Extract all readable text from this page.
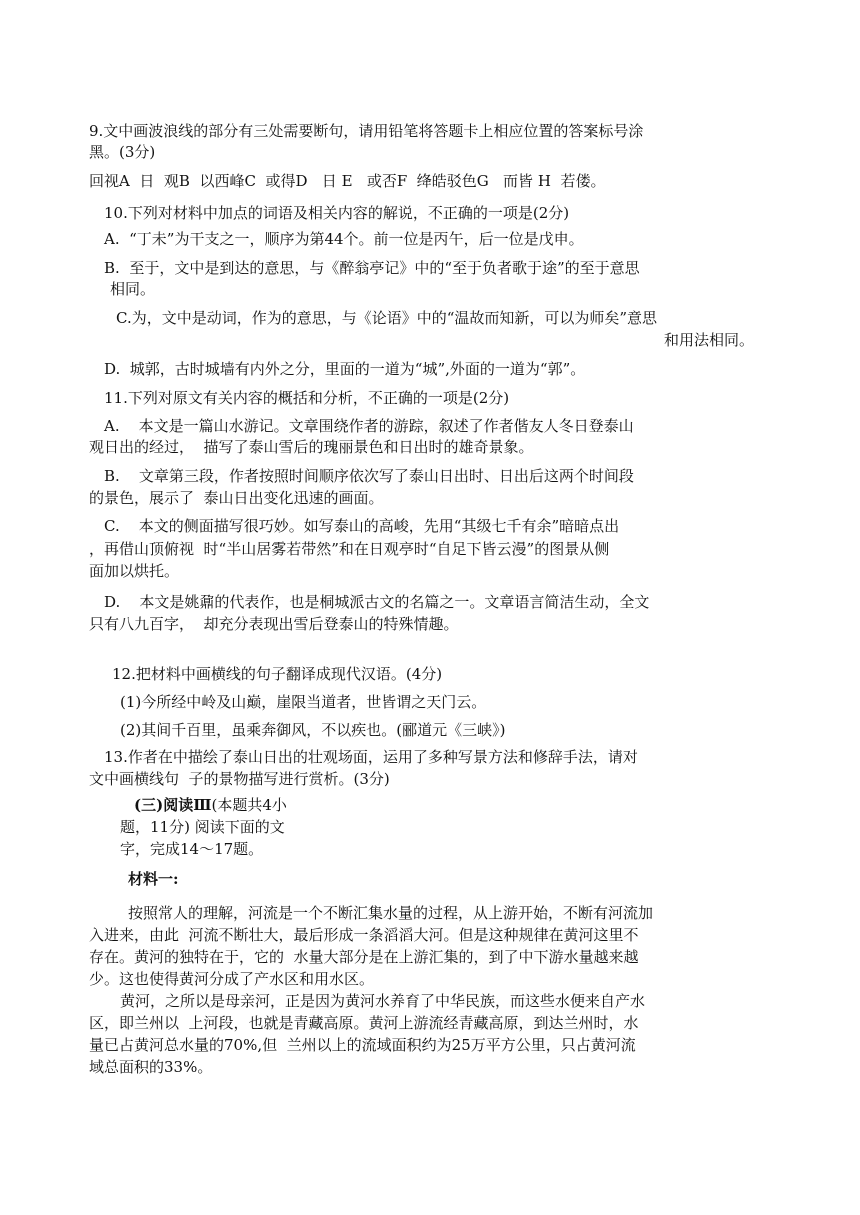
9.文中画波浪线的部分有三处需要断句，请用铅笔将答题卡上相应位置的答案标号涂
黑。(3分)
回视A  日  观B  以西峰C  或得D   日 E   或否F  绛皓驳色G   而皆 H  若偻。
10.下列对材料中加点的词语及相关内容的解说，不正确的一项是(2分)
A.  “丁未”为干支之一，顺序为第44个。前一位是丙午，后一位是戊申。
B.  至于，文中是到达的意思，与《醉翁亭记》中的“至于负者歌于途”的至于意思
相同。
C.为，文中是动词，作为的意思，与《论语》中的“温故而知新，可以为师矣”意思
和用法相同。
D.  城郭，古时城墙有内外之分，里面的一道为“城”,外面的一道为“郭”。
11.下列对原文有关内容的概括和分析，不正确的一项是(2分)
A.    本文是一篇山水游记。文章围绕作者的游踪，叙述了作者偕友人冬日登泰山
观日出的经过，  描写了泰山雪后的瑰丽景色和日出时的雄奇景象。
B.    文章第三段，作者按照时间顺序依次写了泰山日出时、日出后这两个时间段
的景色，展示了  泰山日出变化迅速的画面。
C.    本文的侧面描写很巧妙。如写泰山的高峻，先用“其级七千有余”暗暗点出
，再借山顶俯视  时“半山居雾若带然”和在日观亭时“自足下皆云漫”的图景从侧
面加以烘托。
D.    本文是姚鼐的代表作，也是桐城派古文的名篇之一。文章语言简洁生动，全文
只有八九百字，  却充分表现出雪后登泰山的特殊情趣。
12.把材料中画横线的句子翻译成现代汉语。(4分)
(1)今所经中岭及山巅，崖限当道者，世皆谓之天门云。
(2)其间千百里，虽乘奔御风，不以疾也。(郦道元《三峡》)
13.作者在中描绘了泰山日出的壮观场面，运用了多种写景方法和修辞手法，请对
文中画横线句  子的景物描写进行赏析。(3分)
(三)阅读Ⅲ(本题共4小
题，11分) 阅读下面的文
字，完成14～17题。
材料一:
按照常人的理解，河流是一个不断汇集水量的过程，从上游开始，不断有河流加
入进来，由此  河流不断壮大，最后形成一条滔滔大河。但是这种规律在黄河这里不
存在。黄河的独特在于，它的  水量大部分是在上游汇集的，到了中下游水量越来越
少。这也使得黄河分成了产水区和用水区。
黄河，之所以是母亲河，正是因为黄河水养育了中华民族，而这些水便来自产水
区，即兰州以  上河段，也就是青藏高原。黄河上游流经青藏高原，到达兰州时，水
量已占黄河总水量的70%,但  兰州以上的流域面积约为25万平方公里，只占黄河流
域总面积的33%。
